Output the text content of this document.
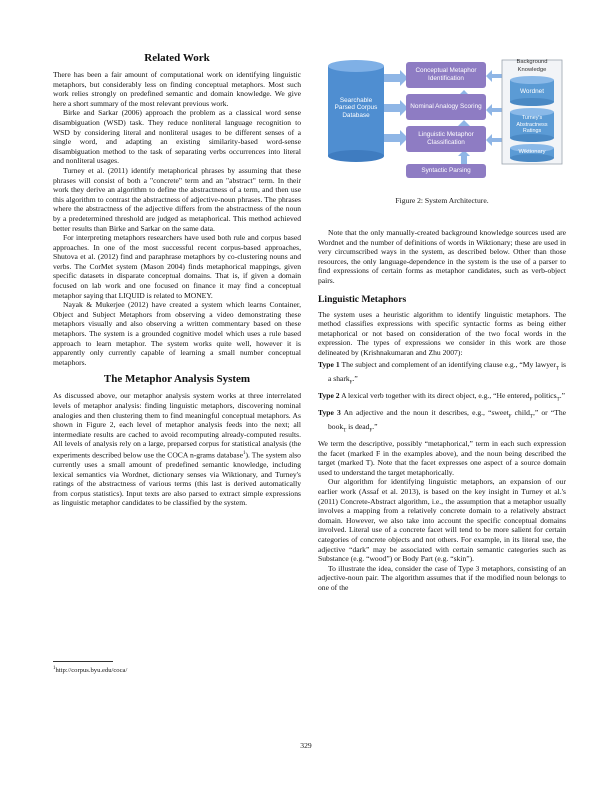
Related Work

There has been a fair amount of computational work on identifying linguistic metaphors, but considerably less on finding conceptual metaphors. Most such work relies strongly on predefined semantic and domain knowledge. We give here a short summary of the most relevant previous work.

Birke and Sarkar (2006) approach the problem as a classical word sense disambiguation (WSD) task. They reduce nonliteral language recognition to WSD by considering literal and nonliteral usages to be different senses of a single word, and adapting an existing similarity-based word-sense disambiguation method to the task of separating verbs occurrences into literal and nonliteral usages.

Turney et al. (2011) identify metaphorical phrases by assuming that these phrases will consist of both a "concrete" term and an "abstract" term. In their work they derive an algorithm to define the abstractness of a term, and then use this algorithm to contrast the abstractness of adjective-noun phrases. The phrases where the abstractness of the adjective differs from the abstractness of the noun by a predetermined threshold are judged as metaphorical. This method achieved better results than Birke and Sarkar on the same data.

For interpreting metaphors researchers have used both rule and corpus based approaches. In one of the most successful recent corpus-based approaches, Shutova et al. (2012) find and paraphrase metaphors by co-clustering nouns and verbs. The CorMet system (Mason 2004) finds metaphorical mappings, given specific datasets in disparate conceptual domains. That is, if given a domain focused on lab work and one focused on finance it may find a conceptual metaphor saying that LIQUID is related to MONEY.

Nayak & Mukerjee (2012) have created a system which learns Container, Object and Subject Metaphors from observing a video demonstrating these metaphors visually and also observing a written commentary based on these metaphors. The system is a grounded cognitive model which uses a rule based approach to learn metaphor. The system works quite well, however it is apparently only currently capable of learning a small number conceptual metaphors.

The Metaphor Analysis System

As discussed above, our metaphor analysis system works at three interrelated levels of metaphor analysis: finding linguistic metaphors, discovering nominal analogies and then clustering them to find meaningful conceptual metaphors. As shown in Figure 2, each level of metaphor analysis feeds into the next; all intermediate results are cached to avoid recomputing already-computed results. All levels of analysis rely on a large, preparsed corpus for statistical analysis (the experiments described below use the COCA n-grams database$^1$). The system also currently uses a small amount of predefined semantic knowledge, including lexical semantics via Wordnet, dictionary senses via Wiktionary, and Turney's ratings of the abstractness of various terms (this last is derived automatically from corpus statistics). Input texts are also parsed to extract simple expressions as linguistic metaphor candidates to be classified by the system.

$^1$http://corpus.byu.edu/coca/
Searchable Parsed Corpus Database
Conceptual Metaphor Identification
Nominal Analogy Scoring
Linguistic Metaphor Classification
Syntactic Parsing
Background Knowledge
Wordnet
Turney's Abstractness Ratings
Wiktionary
Figure 2: System Architecture.

Note that the only manually-created background knowledge sources used are Wordnet and the number of definitions of words in Wiktionary; these are used in very circumscribed ways in the system, as described below. Other than those resources, the only language-dependence in the system is the use of a parser to find expressions of certain forms as metaphor candidates, such as verb-object pairs.

Linguistic Metaphors

The system uses a heuristic algorithm to identify linguistic metaphors. The method classifies expressions with specific syntactic forms as being either metaphorical or not based on consideration of the two focal words in the expression. The types of expressions we consider in this work are those delineated by (Krishnakumaran and Zhu 2007):

Type 1 The subject and complement of an identifying clause e.g., “My lawyer$_T$ is a shark$_F$.”
Type 2 A lexical verb together with its direct object, e.g., “He entered$_F$ politics$_T$.”
Type 3 An adjective and the noun it describes, e.g., “sweet$_F$ child$_T$,” or “The book$_T$ is dead$_F$.”

We term the descriptive, possibly “metaphorical,” term in each such expression the facet (marked F in the examples above), and the noun being described the target (marked T). Note that the facet expresses one aspect of a source domain used to understand the target metaphorically.

Our algorithm for identifying linguistic metaphors, an expansion of our earlier work (Assaf et al. 2013), is based on the key insight in Turney et al.'s (2011) Concrete-Abstract algorithm, i.e., the assumption that a metaphor usually involves a mapping from a relatively concrete domain to a relatively abstract domain. However, we also take into account the specific conceptual domains involved. Literal use of a concrete facet will tend to be more salient for certain categories of concrete objects and not others. For example, in its literal use, the adjective “dark” may be associated with certain semantic categories such as Substance (e.g. “wood”) or Body Part (e.g. “skin”).

To illustrate the idea, consider the case of Type 3 metaphors, consisting of an adjective-noun pair. The algorithm assumes that if the modified noun belongs to one of the

329
